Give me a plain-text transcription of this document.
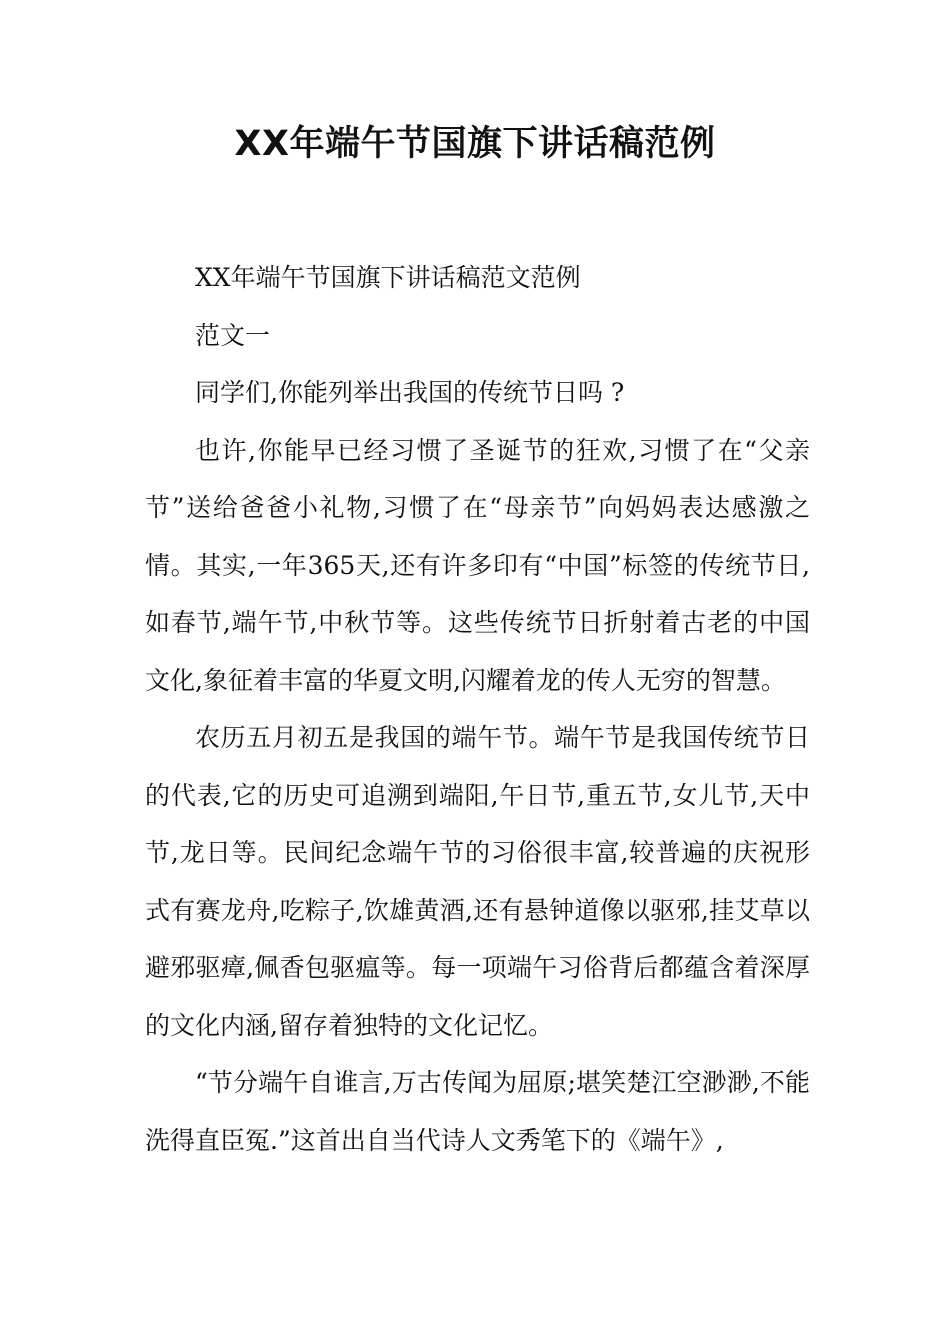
XX年端午节国旗下讲话稿范例

XX年端午节国旗下讲话稿范文范例

范文一

同学们,你能列举出我国的传统节日吗 ?

也许,你能早已经习惯了圣诞节的狂欢,习惯了在“父亲节”送给爸爸小礼物,习惯了在“母亲节”向妈妈表达感激之情。其实,一年365天,还有许多印有“中国”标签的传统节日,如春节,端午节,中秋节等。这些传统节日折射着古老的中国文化,象征着丰富的华夏文明,闪耀着龙的传人无穷的智慧。

农历五月初五是我国的端午节。端午节是我国传统节日的代表,它的历史可追溯到端阳,午日节,重五节,女儿节,天中节,龙日等。民间纪念端午节的习俗很丰富,较普遍的庆祝形式有赛龙舟,吃粽子,饮雄黄酒,还有悬钟道像以驱邪,挂艾草以避邪驱瘴,佩香包驱瘟等。每一项端午习俗背后都蕴含着深厚的文化内涵,留存着独特的文化记忆。

“节分端午自谁言,万古传闻为屈原;堪笑楚江空渺渺,不能洗得直臣冤.”这首出自当代诗人文秀笔下的《端午》,
